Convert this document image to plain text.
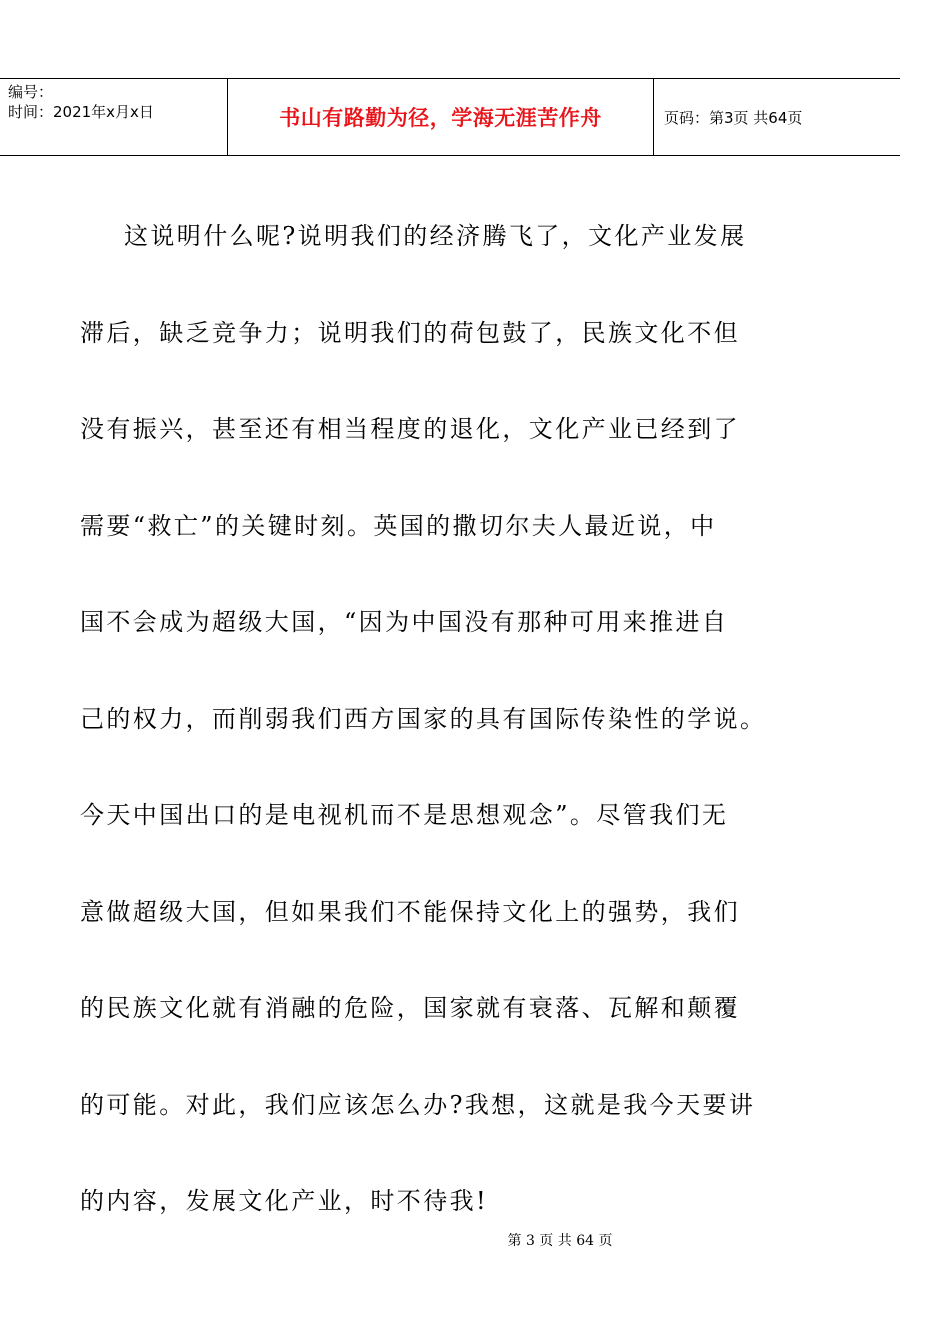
编号：
时间：2021年x月x日	书山有路勤为径，学海无涯苦作舟	页码：第3页 共64页
这说明什么呢?说明我们的经济腾飞了，文化产业发展
滞后，缺乏竞争力；说明我们的荷包鼓了，民族文化不但
没有振兴，甚至还有相当程度的退化，文化产业已经到了
需要“救亡”的关键时刻。英国的撒切尔夫人最近说，中
国不会成为超级大国，“因为中国没有那种可用来推进自
己的权力，而削弱我们西方国家的具有国际传染性的学说。
今天中国出口的是电视机而不是思想观念”。尽管我们无
意做超级大国，但如果我们不能保持文化上的强势，我们
的民族文化就有消融的危险，国家就有衰落、瓦解和颠覆
的可能。对此，我们应该怎么办?我想，这就是我今天要讲
的内容，发展文化产业，时不待我!
第 3 页 共 64 页
